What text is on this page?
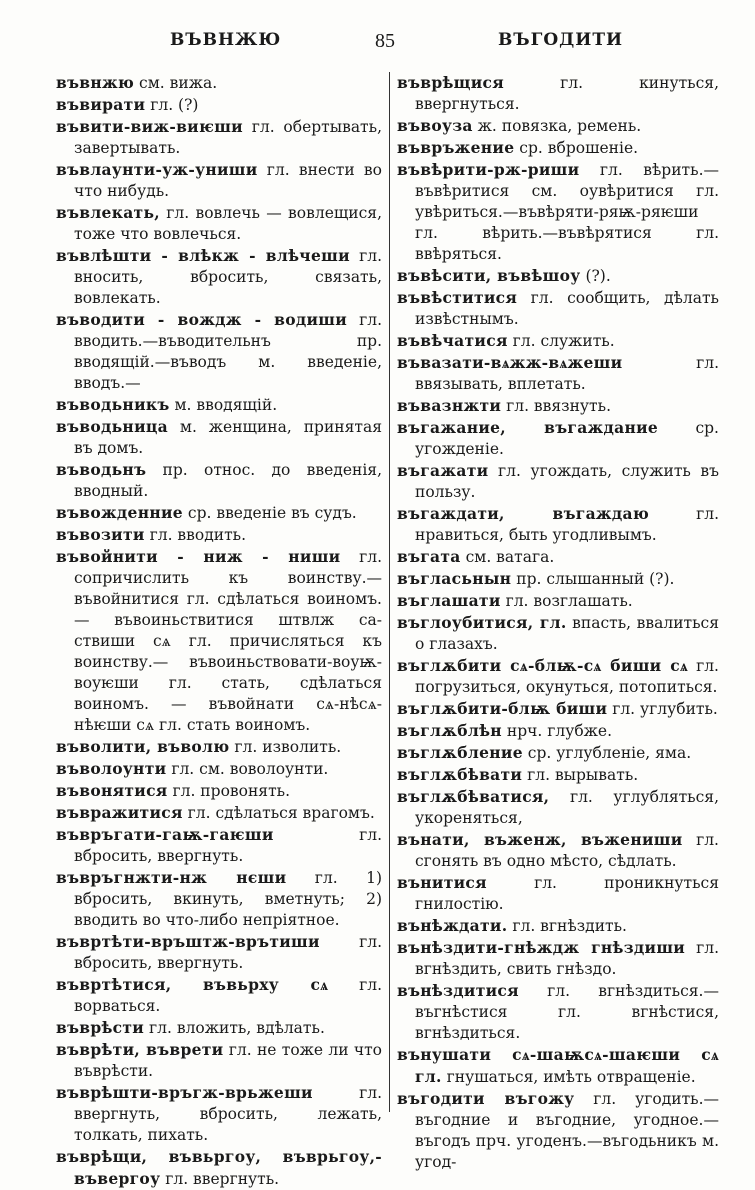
ВЪВНЖЮ	85	ВЪГОДИТИ
въвнжю см. вижа.
въвирати гл. (?)
въвити-виж-виѥши гл. обертывать, завертывать.
въвлаунти-уж-униши гл. внести во что нибудь.
въвлекать, гл. вовлечь — вовлещися, тоже что вовлечься.
въвлѣшти - влѣкж - влѣчеши гл. вносить, вбросить, связать, вовлекать.
въводити - вождж - водиши гл. вводить.—въводительнъ пр. вводящій.—въводъ м. введеніе, вводъ.—
въводьникъ м. вводящій.
въводьница м. женщина, принятая въ домъ.
въводьнъ пр. относ. до введенія, вводный.
въвожденние ср. введеніе въ судъ.
въвозити гл. вводить.
въвойнити - ниж - ниши гл. сопричислить къ воинству.— въвойнитися гл. сдѣлаться воиномъ.— въвоиньствитися штвлж са-ствиши сѧ гл. причисляться къ воинству.— въвоиньствовати-воуѭ-воуѥши гл. стать, сдѣлаться воиномъ. — въвойнати сѧ-нѣсѧ-нѣѥши сѧ гл. стать воиномъ.
въволити, въволю гл. изволить.
въволоунти гл. см. воволоунти.
въвонятися гл. провонять.
въвражитися гл. сдѣлаться врагомъ.
въвръгати-гаѭ-гаѥши гл. вбросить, ввергнуть.
въвръгнжти-нж нєши гл. 1) вбросить, вкинуть, вметнуть; 2) вводить во что-либо непріятное.
въвртѣти-връштж-врътиши гл. вбросить, ввергнуть.
въвртѣтися, въвьрху сѧ гл. ворваться.
въврѣсти гл. вложить, вдѣлать.
въврѣти, въврети гл. не тоже ли что въврѣсти.
въврѣшти-връгж-врьжеши гл. ввергнуть, вбросить, лежать, толкать, пихать.
въврѣщи, въвьргоу, въврьгоу,-въвергоу гл. ввергнуть.
въврѣщися гл. кинуться, ввергнуться.
въвоуза ж. повязка, ремень.
въвръжение ср. вброшеніе.
въвѣрити-рж-риши гл. вѣрить.—въвѣритися см. оувѣритися гл. увѣриться.—въвѣряти-ряѭ-ряѥши гл. вѣрить.—въвѣрятися гл. ввѣряться.
въвѣсити, въвѣшоу (?).
въвѣститися гл. сообщить, дѣлать извѣстнымъ.
въвѣчатися гл. служить.
въвазати-вѧжж-вѧжеши гл. ввязывать, вплетать.
въвазнжти гл. ввязнуть.
въгажание, въгаждание ср. угожденіе.
въгажати гл. угождать, служить въ пользу.
въгаждати, въгаждаю гл. нравиться, быть угодливымъ.
въгата см. ватага.
въгласьнын пр. слышанный (?).
въглашати гл. возглашать.
въглоубитися, гл. впасть, ввалиться о глазахъ.
въглѫбити сѧ-блѭ-сѧ биши сѧ гл. погрузиться, окунуться, потопиться.
въглѫбити-блѭ биши гл. углубить.
въглѫблѣн нрч. глубже.
въглѫбление ср. углубленіе, яма.
въглѫбѣвати гл. вырывать.
въглѫбѣватися, гл. углубляться, укореняться,
вънати, въженж, въжениши гл. сгонять въ одно мѣсто, сѣдлать.
вънитися гл. проникнуться гнилостію.
вънѣждати. гл. вгнѣздить.
вънѣздити-гнѣждж гнѣздиши гл. вгнѣздить, свить гнѣздо.
вънѣздитися гл. вгнѣздиться.—въгнѣстися гл. вгнѣстися, вгнѣздиться.
вънушати сѧ-шаѭсѧ-шаѥши сѧ гл. гнушаться, имѣть отвращеніе.
въгодити въгожу гл. угодить.—въгодние и въгодние, угодное.—въгодъ прч. угоденъ.—въгодьникъ м. угод-
